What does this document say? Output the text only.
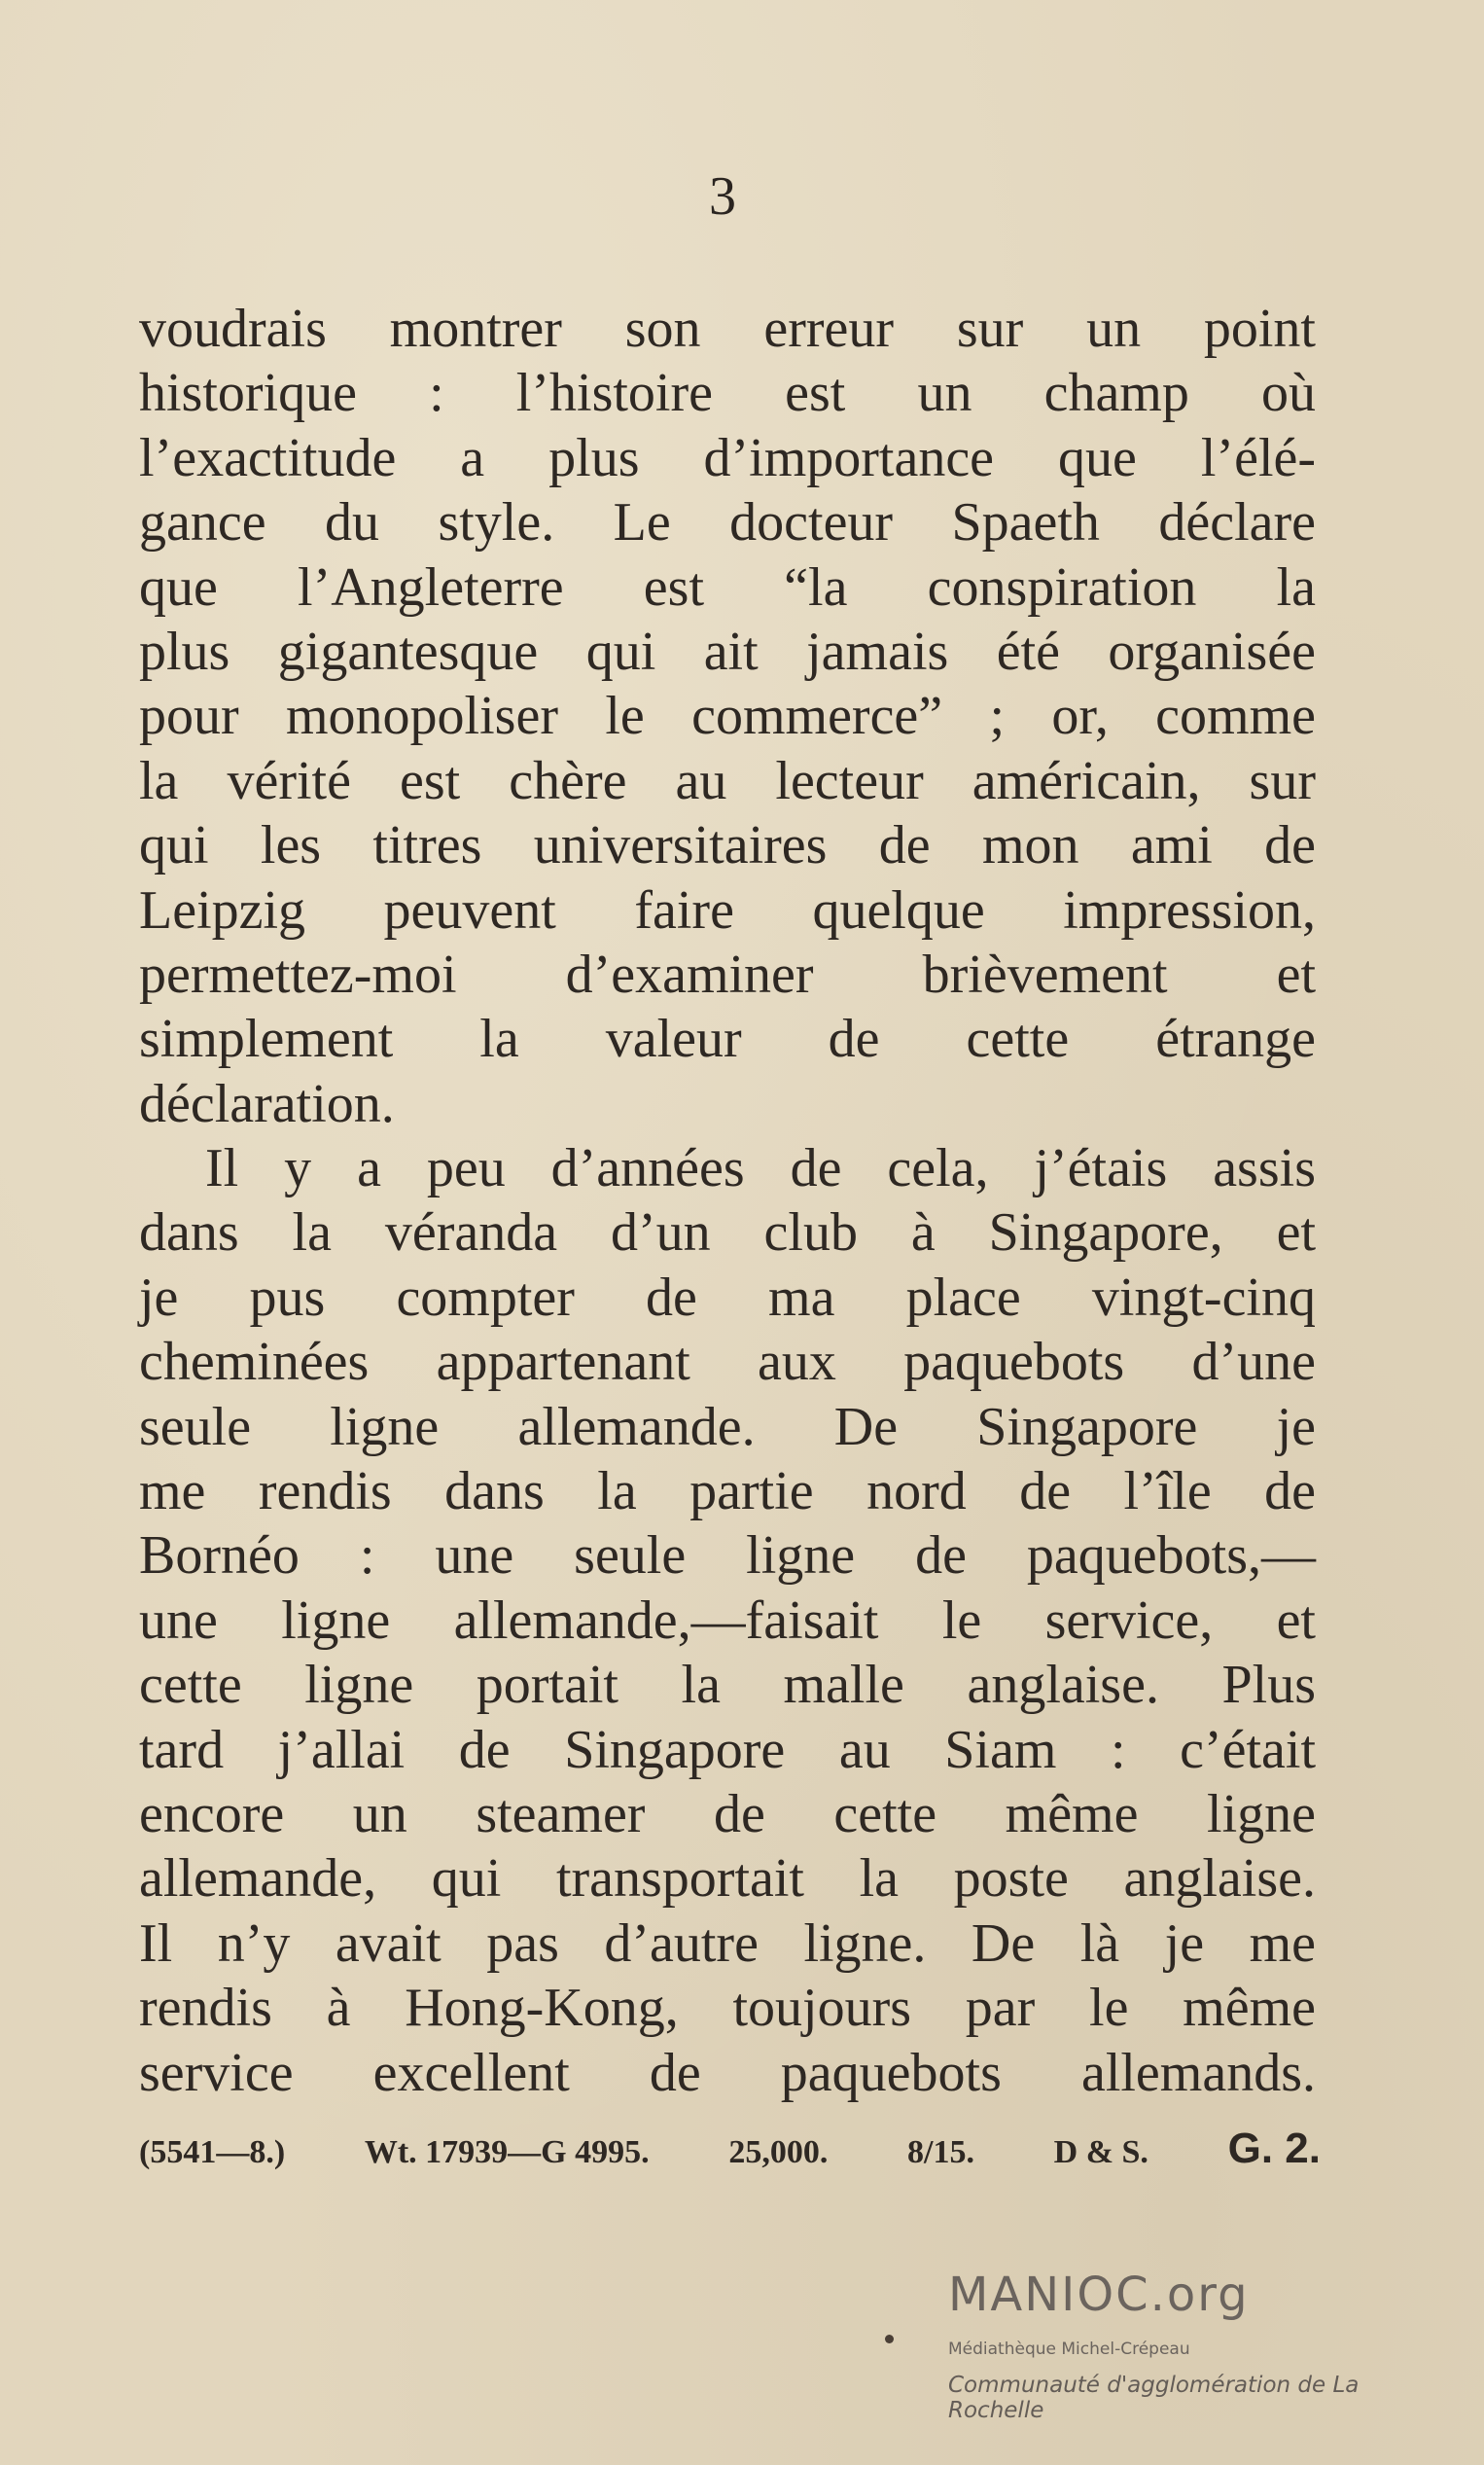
3
voudrais montrer son erreur sur un point
historique : l’histoire est un champ où
l’exactitude a plus d’importance que l’élé-
gance du style. Le docteur Spaeth déclare
que l’Angleterre est “la conspiration la
plus gigantesque qui ait jamais été organisée
pour monopoliser le commerce” ; or, comme
la vérité est chère au lecteur américain, sur
qui les titres universitaires de mon ami de
Leipzig peuvent faire quelque impression,
permettez-moi d’examiner brièvement et
simplement la valeur de cette étrange
déclaration.
Il y a peu d’années de cela, j’étais assis
dans la véranda d’un club à Singapore, et
je pus compter de ma place vingt-cinq
cheminées appartenant aux paquebots d’une
seule ligne allemande. De Singapore je
me rendis dans la partie nord de l’île de
Bornéo : une seule ligne de paquebots,—
une ligne allemande,—faisait le service, et
cette ligne portait la malle anglaise. Plus
tard j’allai de Singapore au Siam : c’était
encore un steamer de cette même ligne
allemande, qui transportait la poste anglaise.
Il n’y avait pas d’autre ligne. De là je me
rendis à Hong-Kong, toujours par le même
service excellent de paquebots allemands.
(5541—8.) Wt. 17939—G 4995. 25,000. 8/15. D & S. G. 2.
MANIOC.org
Médiathèque Michel-Crépeau
Communauté d'agglomération de La Rochelle
